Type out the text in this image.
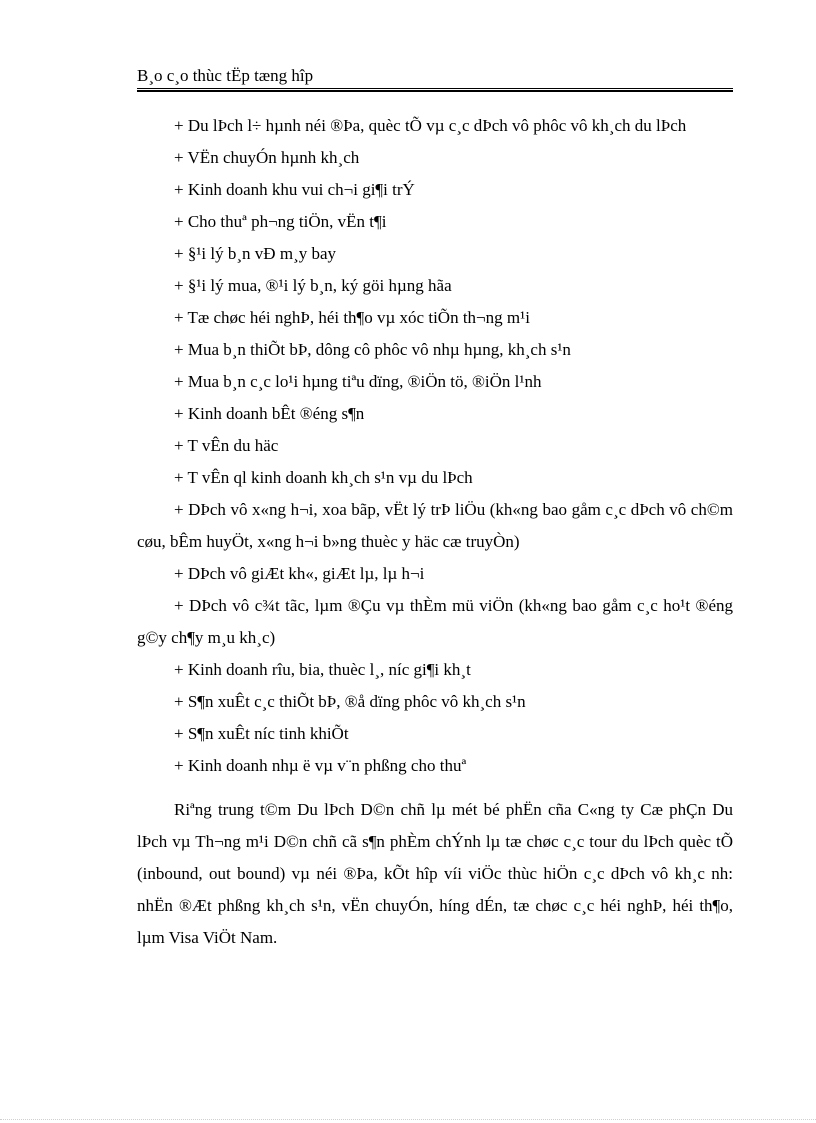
B¸o c¸o thùc tËp tæng hîp
+ Du lÞch l÷ hµnh néi ®Þa, quèc tÕ vµ c¸c dÞch vô phôc vô kh¸ch du lÞch
+ VËn chuyÓn hµnh kh¸ch
+ Kinh doanh khu vui ch¬i gi¶i trÝ
+ Cho thuª ph¬ng tiÖn, vËn t¶i
+ §¹i lý b¸n vÐ m¸y bay
+ §¹i lý mua, ®¹i lý b¸n, ký göi hµng hãa
+ Tæ chøc héi nghÞ, héi th¶o vµ xóc tiÕn th¬ng m¹i
+ Mua b¸n thiÕt bÞ, dông cô phôc vô nhµ hµng, kh¸ch s¹n
+ Mua b¸n c¸c lo¹i hµng tiªu dïng, ®iÖn tö, ®iÖn l¹nh
+ Kinh doanh bÊt ®éng s¶n
+ T vÊn du häc
+ T vÊn ql kinh doanh kh¸ch s¹n vµ du lÞch
+ DÞch vô x«ng h¬i, xoa bãp, vËt lý trÞ liÖu (kh«ng bao gåm c¸c dÞch vô ch©m cøu, bÊm huyÖt, x«ng h¬i b»ng thuèc y häc cæ truyÒn)
+ DÞch vô giÆt kh«, giÆt lµ, lµ h¬i
+ DÞch vô c¾t tãc, lµm ®Çu vµ thÈm mü viÖn (kh«ng bao gåm c¸c ho¹t ®éng g©y ch¶y m¸u kh¸c)
+ Kinh doanh rîu, bia, thuèc l¸, níc gi¶i kh¸t
+ S¶n xuÊt c¸c thiÕt bÞ, ®å dïng phôc vô kh¸ch s¹n
+ S¶n xuÊt níc tinh khiÕt
+ Kinh doanh nhµ ë vµ v¨n phßng cho thuª

Riªng trung t©m Du lÞch D©n chñ lµ mét bé phËn cña C«ng ty Cæ phÇn Du lÞch vµ Th¬ng m¹i D©n chñ cã s¶n phÈm chÝnh lµ tæ chøc c¸c tour du lÞch quèc tÕ (inbound, out bound) vµ néi ®Þa, kÕt hîp víi viÖc thùc hiÖn c¸c dÞch vô kh¸c nh: nhËn ®Æt phßng kh¸ch s¹n, vËn chuyÓn, híng dÉn, tæ chøc c¸c héi nghÞ, héi th¶o, lµm Visa ViÖt Nam.
